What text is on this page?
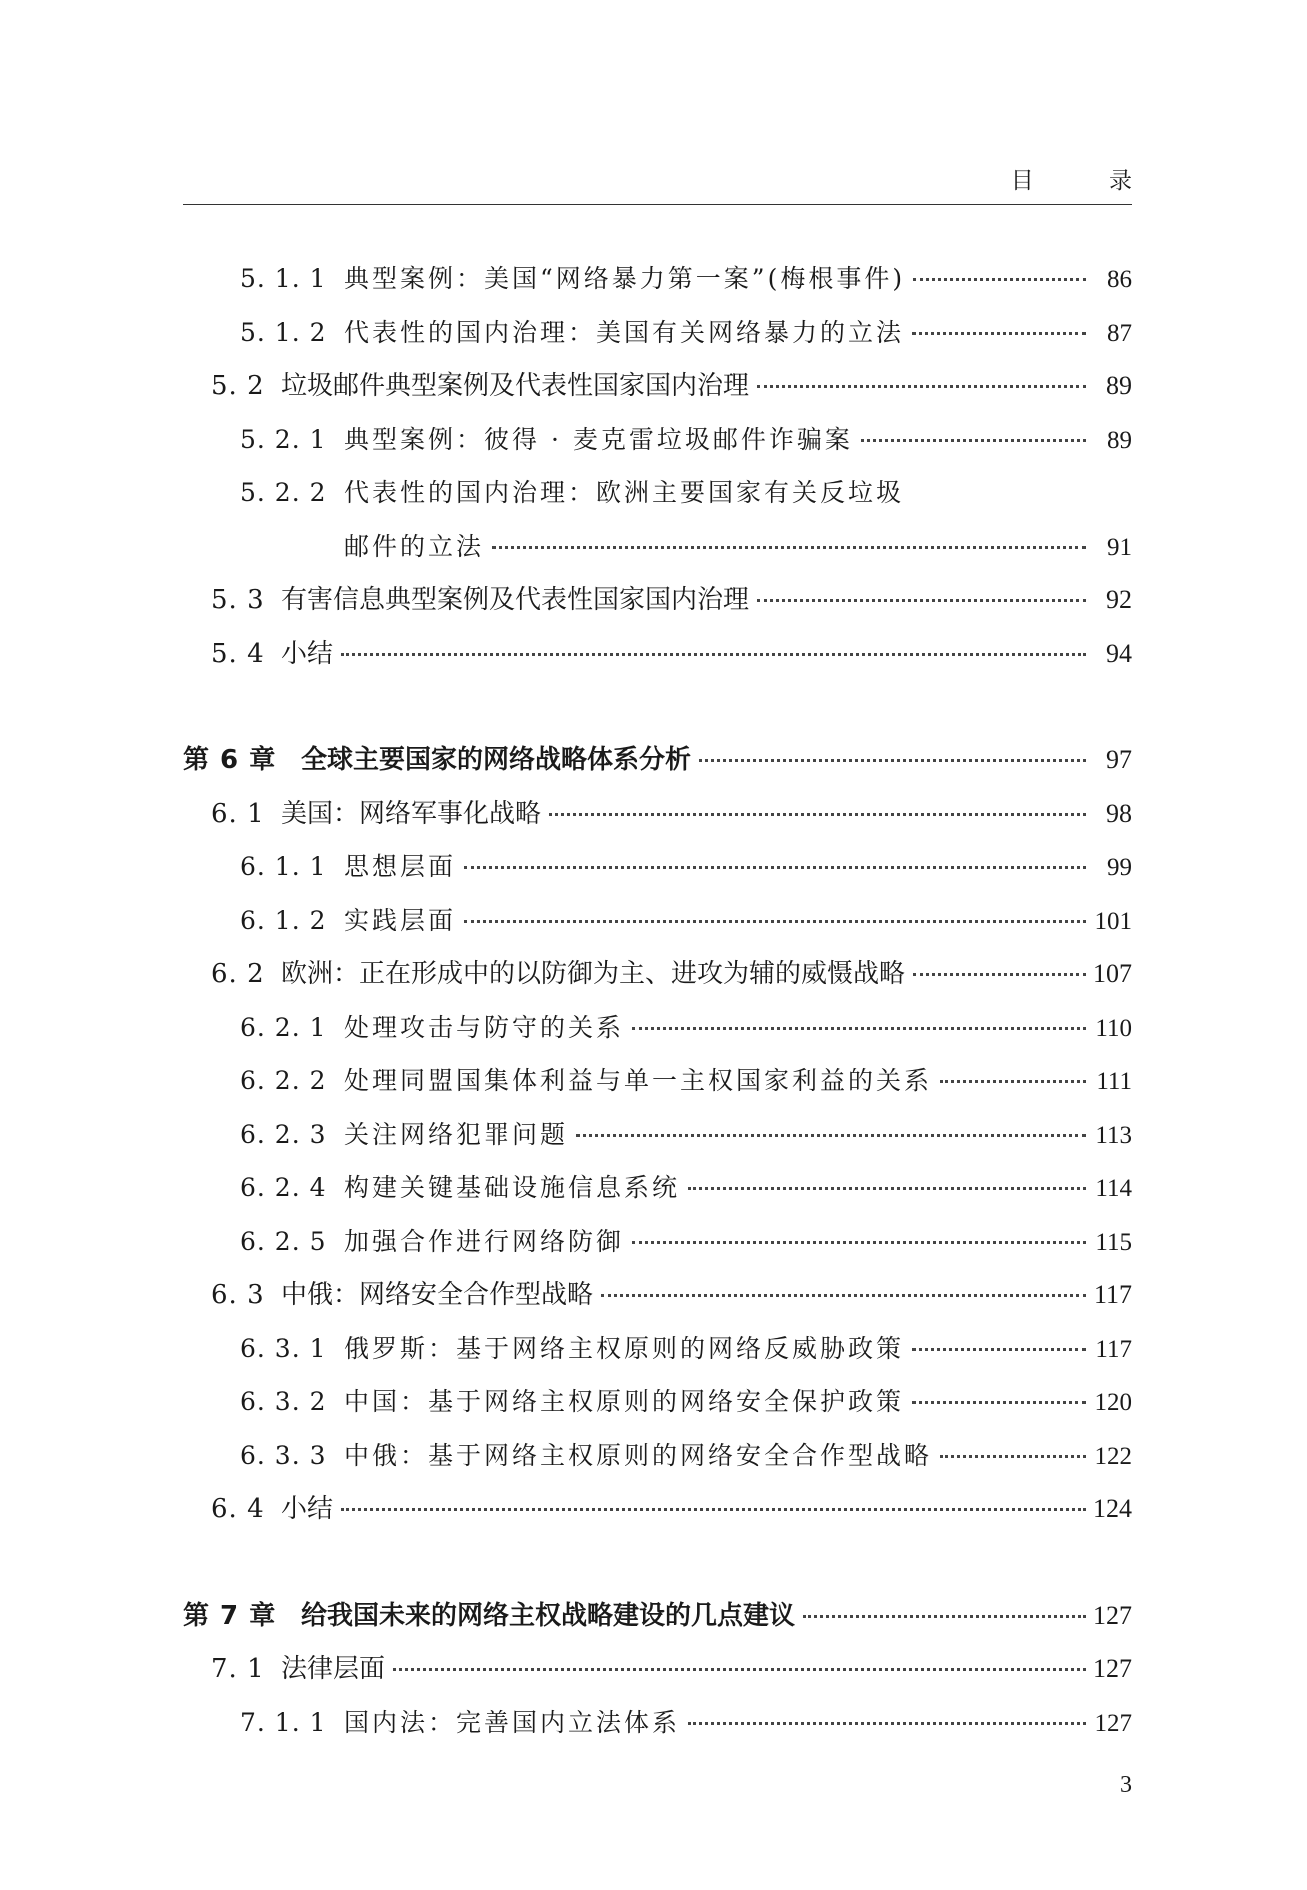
目 录
5. 1. 1 典型案例：美国“网络暴力第一案”(梅根事件)	86
5. 1. 2 代表性的国内治理：美国有关网络暴力的立法	87
5. 2 垃圾邮件典型案例及代表性国家国内治理	89
5. 2. 1 典型案例：彼得 · 麦克雷垃圾邮件诈骗案	89
5. 2. 2 代表性的国内治理：欧洲主要国家有关反垃圾
邮件的立法	91
5. 3 有害信息典型案例及代表性国家国内治理	92
5. 4 小结	94
第 6 章 全球主要国家的网络战略体系分析	97
6. 1 美国：网络军事化战略	98
6. 1. 1 思想层面	99
6. 1. 2 实践层面	101
6. 2 欧洲：正在形成中的以防御为主、进攻为辅的威慑战略	107
6. 2. 1 处理攻击与防守的关系	110
6. 2. 2 处理同盟国集体利益与单一主权国家利益的关系	111
6. 2. 3 关注网络犯罪问题	113
6. 2. 4 构建关键基础设施信息系统	114
6. 2. 5 加强合作进行网络防御	115
6. 3 中俄：网络安全合作型战略	117
6. 3. 1 俄罗斯：基于网络主权原则的网络反威胁政策	117
6. 3. 2 中国：基于网络主权原则的网络安全保护政策	120
6. 3. 3 中俄：基于网络主权原则的网络安全合作型战略	122
6. 4 小结	124
第 7 章 给我国未来的网络主权战略建设的几点建议	127
7. 1 法律层面	127
7. 1. 1 国内法：完善国内立法体系	127
3
